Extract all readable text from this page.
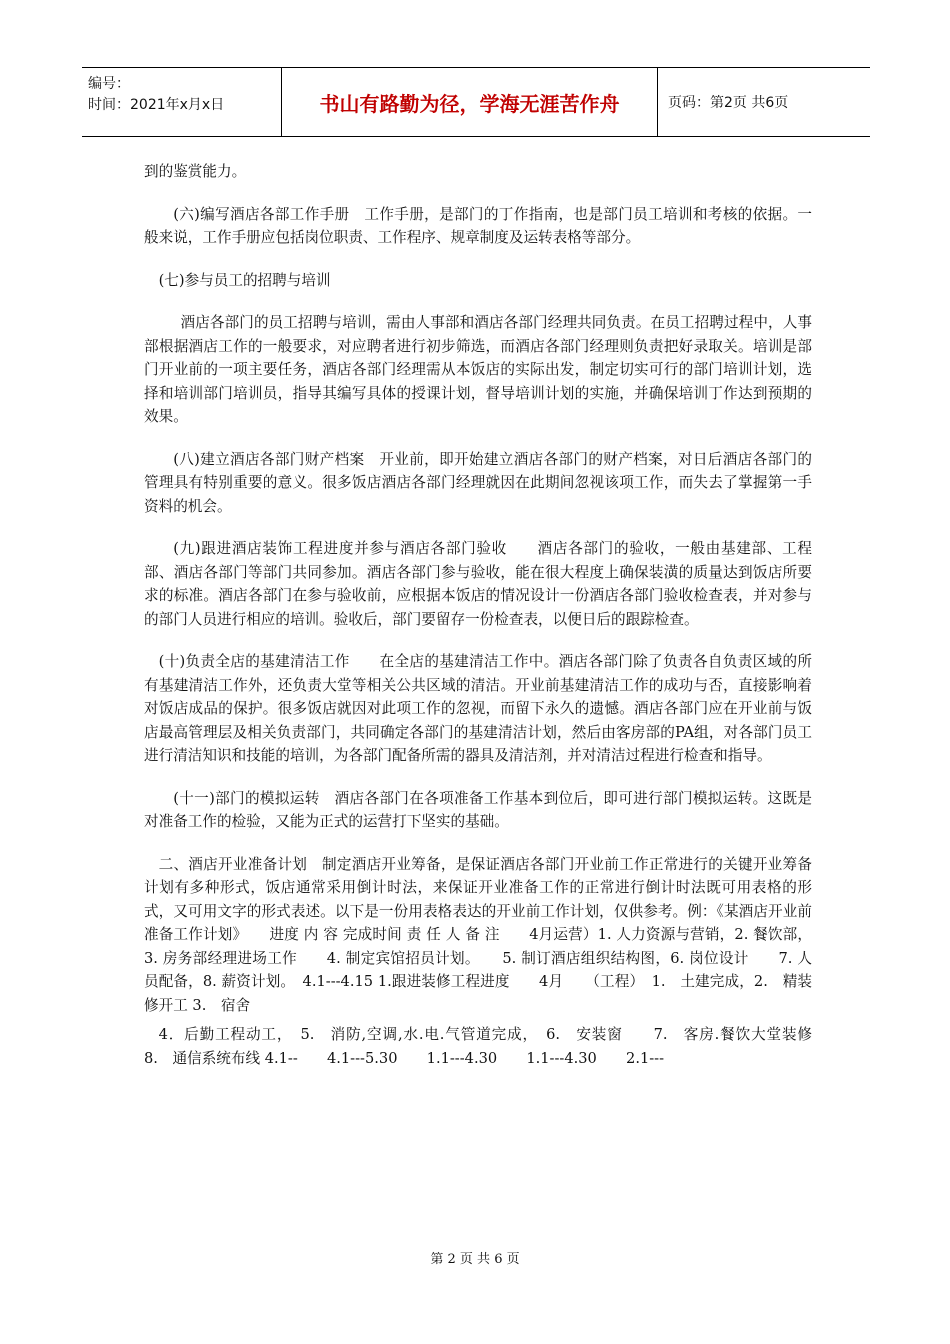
编号：
时间：2021年x月x日	书山有路勤为径，学海无涯苦作舟	页码：第2页 共6页

到的鉴赏能力。

(六)编写酒店各部工作手册　工作手册，是部门的丁作指南，也是部门员工培训和考核的依据。一般来说，工作手册应包括岗位职责、工作程序、规章制度及运转表格等部分。

(七)参与员工的招聘与培训

酒店各部门的员工招聘与培训，需由人事部和酒店各部门经理共同负责。在员工招聘过程中，人事部根据酒店工作的一般要求，对应聘者进行初步筛选，而酒店各部门经理则负责把好录取关。培训是部门开业前的一项主要任务，酒店各部门经理需从本饭店的实际出发，制定切实可行的部门培训计划，选择和培训部门培训员，指导其编写具体的授课计划，督导培训计划的实施，并确保培训丁作达到预期的效果。

(八)建立酒店各部门财产档案　开业前，即开始建立酒店各部门的财产档案，对日后酒店各部门的管理具有特别重要的意义。很多饭店酒店各部门经理就因在此期间忽视该项工作，而失去了掌握第一手资料的机会。

(九)跟进酒店装饰工程进度并参与酒店各部门验收　　酒店各部门的验收，一般由基建部、工程部、酒店各部门等部门共同参加。酒店各部门参与验收，能在很大程度上确保装潢的质量达到饭店所要求的标准。酒店各部门在参与验收前，应根据本饭店的情况设计一份酒店各部门验收检查表，并对参与的部门人员进行相应的培训。验收后，部门要留存一份检查表，以便日后的跟踪检查。

(十)负责全店的基建清洁工作　　在全店的基建清洁工作中。酒店各部门除了负责各自负责区域的所有基建清洁工作外，还负责大堂等相关公共区域的清洁。开业前基建清洁工作的成功与否，直接影响着对饭店成品的保护。很多饭店就因对此项工作的忽视，而留下永久的遗憾。酒店各部门应在开业前与饭店最高管理层及相关负责部门，共同确定各部门的基建清洁计划，然后由客房部的PA组，对各部门员工进行清洁知识和技能的培训，为各部门配备所需的器具及清洁剂，并对清洁过程进行检查和指导。

(十一)部门的模拟运转　酒店各部门在各项准备工作基本到位后，即可进行部门模拟运转。这既是对准备工作的检验，又能为正式的运营打下坚实的基础。

二、酒店开业准备计划　制定酒店开业筹备，是保证酒店各部门开业前工作正常进行的关键开业筹备计划有多种形式，饭店通常采用倒计时法，来保证开业准备工作的正常进行倒计时法既可用表格的形式，又可用文字的形式表述。以下是一份用表格表达的开业前工作计划，仅供参考。例：《某酒店开业前准备工作计划》　　进度 内 容 完成时间 责 任 人 备 注　　4月运营）1. 人力资源与营销，2. 餐饮部，3. 房务部经理进场工作　　4. 制定宾馆招员计划。　　5. 制订酒店组织结构图，6. 岗位设计　　7. 人员配备，8. 薪资计划。　4.1---4.15 1.跟进装修工程进度　　4月　　（工程）　1.　土建完成，2.　精装修开工 3.　宿舍

4．后勤工程动工，　5.　消防,空调,水.电.气管道完成，　6.　安装窗　　7.　客房.餐饮大堂装修　　8.　通信系统布线 4.1--　　4.1---5.30　　1.1---4.30　　1.1---4.30　　2.1---

第 2 页 共 6 页
